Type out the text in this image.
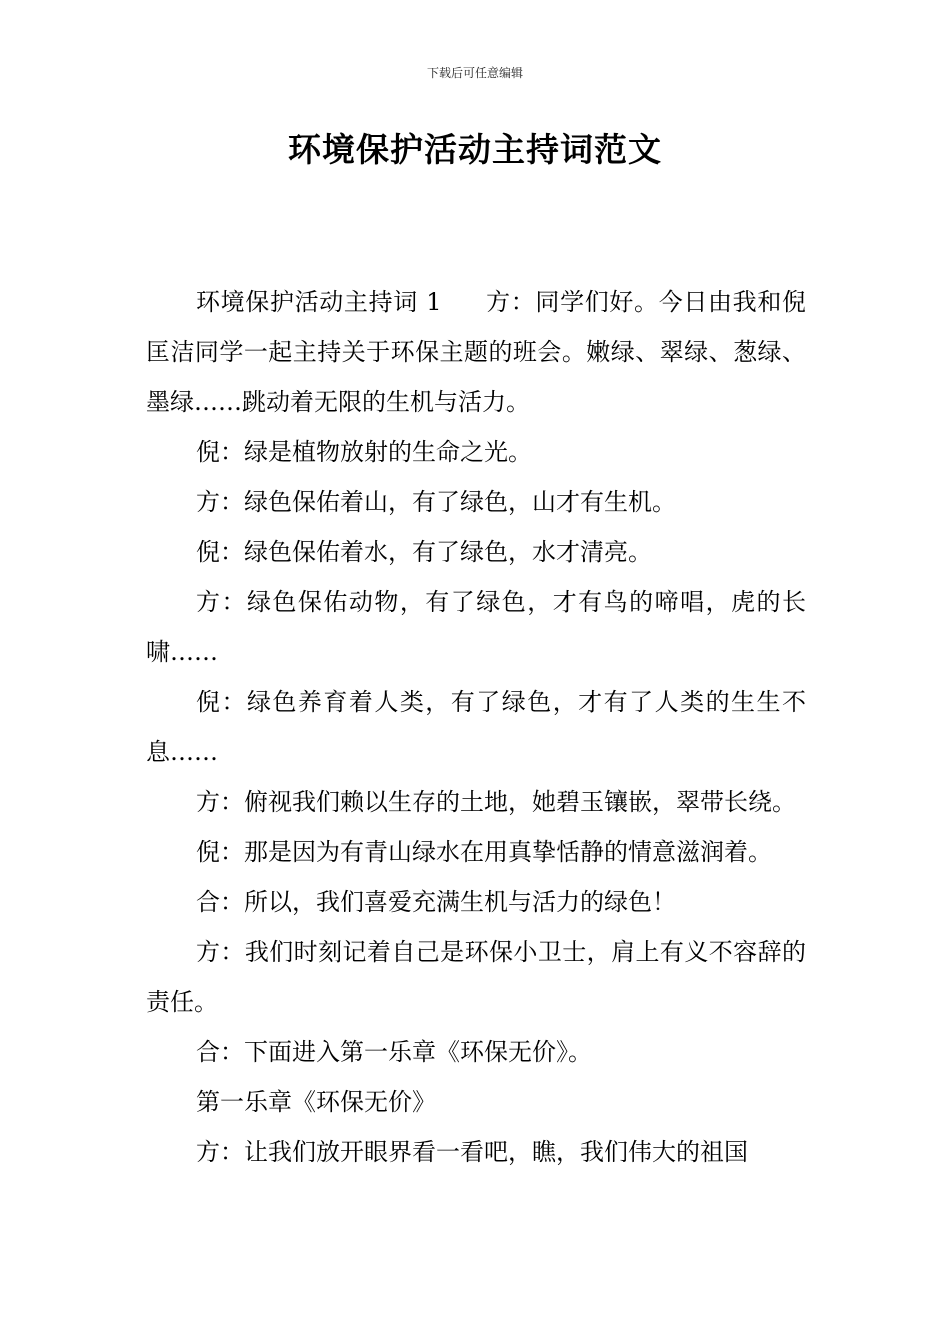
下载后可任意编辑
环境保护活动主持词范文

环境保护活动主持词 1 方：同学们好。今日由我和倪匡洁同学一起主持关于环保主题的班会。嫩绿、翠绿、葱绿、墨绿……跳动着无限的生机与活力。

倪：绿是植物放射的生命之光。

方：绿色保佑着山，有了绿色，山才有生机。

倪：绿色保佑着水，有了绿色，水才清亮。

方：绿色保佑动物，有了绿色，才有鸟的啼唱，虎的长啸……

倪：绿色养育着人类，有了绿色，才有了人类的生生不息……

方：俯视我们赖以生存的土地，她碧玉镶嵌，翠带长绕。

倪：那是因为有青山绿水在用真挚恬静的情意滋润着。

合：所以，我们喜爱充满生机与活力的绿色！

方：我们时刻记着自己是环保小卫士，肩上有义不容辞的责任。

合：下面进入第一乐章《环保无价》。

第一乐章《环保无价》

方：让我们放开眼界看一看吧，瞧，我们伟大的祖国
